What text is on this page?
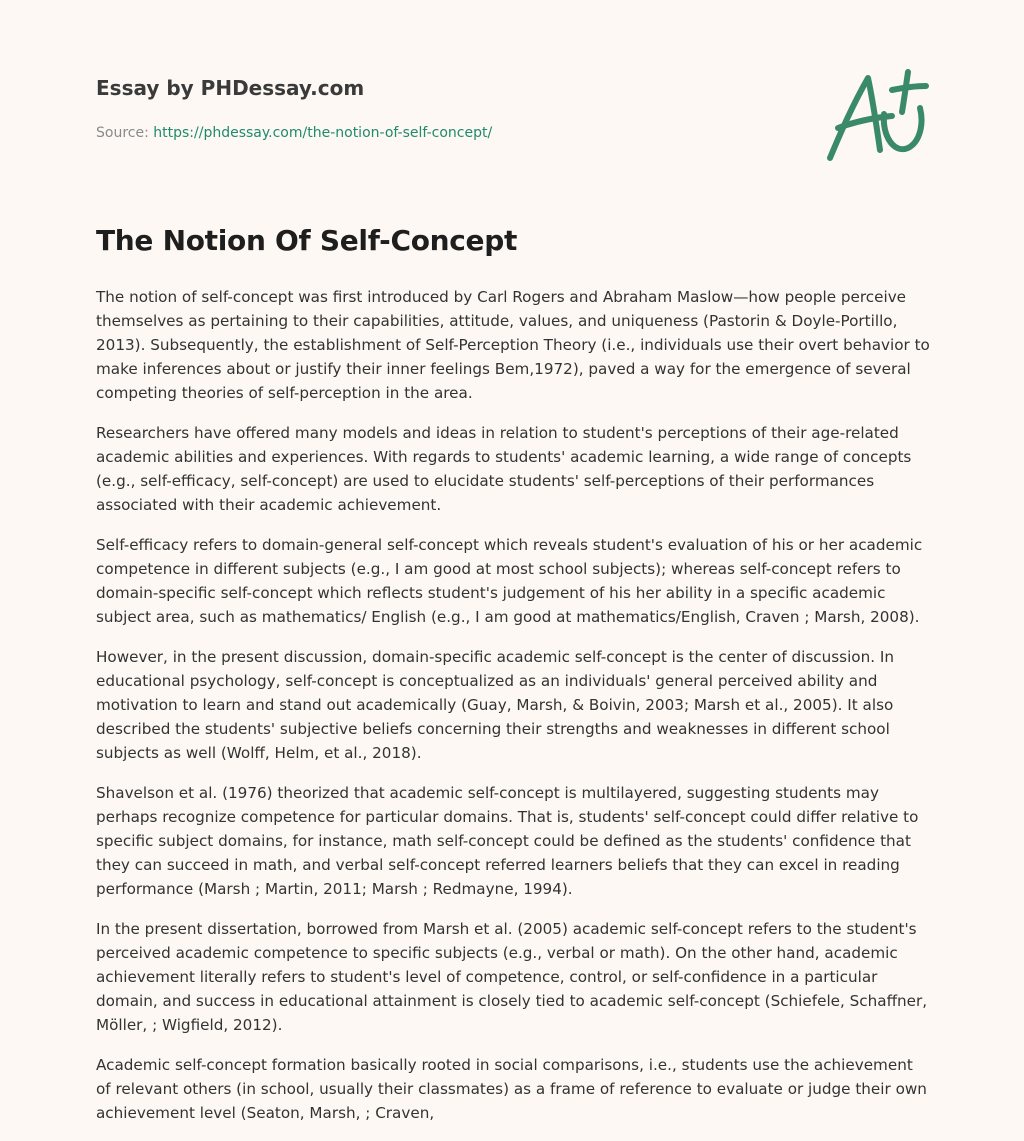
Essay by PHDessay.com
Source: https://phdessay.com/the-notion-of-self-concept/
The Notion Of Self-Concept

The notion of self-concept was first introduced by Carl Rogers and Abraham Maslow—how people perceive themselves as pertaining to their capabilities, attitude, values, and uniqueness (Pastorin & Doyle-Portillo, 2013). Subsequently, the establishment of Self-Perception Theory (i.e., individuals use their overt behavior to make inferences about or justify their inner feelings Bem,1972), paved a way for the emergence of several competing theories of self-perception in the area.

Researchers have offered many models and ideas in relation to student's perceptions of their age-related academic abilities and experiences. With regards to students' academic learning, a wide range of concepts (e.g., self-efficacy, self-concept) are used to elucidate students' self-perceptions of their performances associated with their academic achievement.

Self-efficacy refers to domain-general self-concept which reveals student's evaluation of his or her academic competence in different subjects (e.g., I am good at most school subjects); whereas self-concept refers to domain-specific self-concept which reflects student's judgement of his her ability in a specific academic subject area, such as mathematics/ English (e.g., I am good at mathematics/English, Craven ; Marsh, 2008).

However, in the present discussion, domain-specific academic self-concept is the center of discussion. In educational psychology, self-concept is conceptualized as an individuals' general perceived ability and motivation to learn and stand out academically (Guay, Marsh, & Boivin, 2003; Marsh et al., 2005). It also described the students' subjective beliefs concerning their strengths and weaknesses in different school subjects as well (Wolff, Helm, et al., 2018).

Shavelson et al. (1976) theorized that academic self-concept is multilayered, suggesting students may perhaps recognize competence for particular domains. That is, students' self-concept could differ relative to specific subject domains, for instance, math self-concept could be defined as the students' confidence that they can succeed in math, and verbal self-concept referred learners beliefs that they can excel in reading performance (Marsh ; Martin, 2011; Marsh ; Redmayne, 1994).

In the present dissertation, borrowed from Marsh et al. (2005) academic self-concept refers to the student's perceived academic competence to specific subjects (e.g., verbal or math). On the other hand, academic achievement literally refers to student's level of competence, control, or self-confidence in a particular domain, and success in educational attainment is closely tied to academic self-concept (Schiefele, Schaffner, Möller, ; Wigfield, 2012).

Academic self-concept formation basically rooted in social comparisons, i.e., students use the achievement of relevant others (in school, usually their classmates) as a frame of reference to evaluate or judge their own achievement level (Seaton, Marsh, ; Craven,
